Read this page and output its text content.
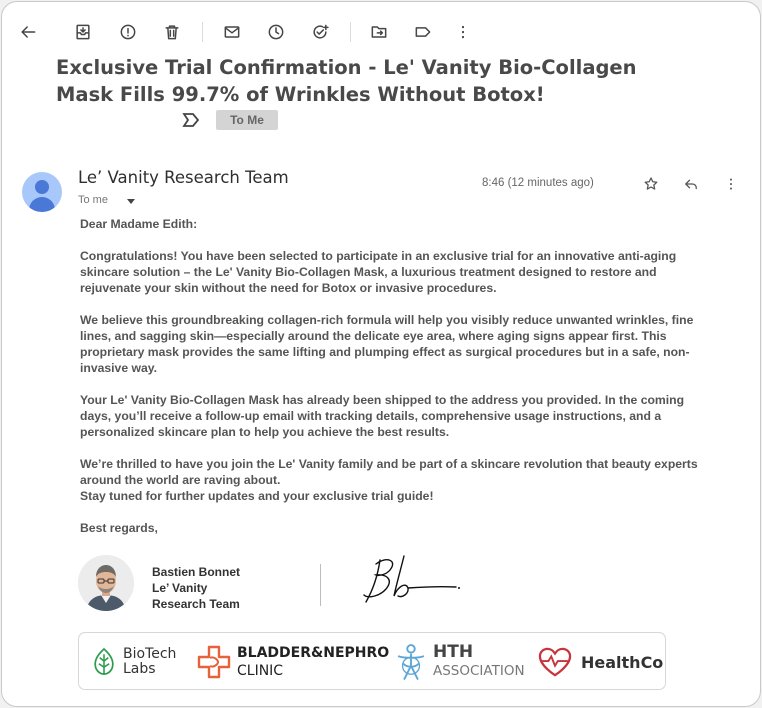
Exclusive Trial Confirmation - Le' Vanity Bio-Collagen Mask Fills 99.7% of Wrinkles Without Botox!
To Me
Le’ Vanity Research Team
To me
8:46 (12 minutes ago)

Dear Madame Edith:

Congratulations! You have been selected to participate in an exclusive trial for an innovative anti-aging skincare solution – the Le' Vanity Bio-Collagen Mask, a luxurious treatment designed to restore and rejuvenate your skin without the need for Botox or invasive procedures.

We believe this groundbreaking collagen-rich formula will help you visibly reduce unwanted wrinkles, fine lines, and sagging skin—especially around the delicate eye area, where aging signs appear first. This proprietary mask provides the same lifting and plumping effect as surgical procedures but in a safe, non-invasive way.

Your Le' Vanity Bio-Collagen Mask has already been shipped to the address you provided. In the coming days, you’ll receive a follow-up email with tracking details, comprehensive usage instructions, and a personalized skincare plan to help you achieve the best results.

We’re thrilled to have you join the Le' Vanity family and be part of a skincare revolution that beauty experts around the world are raving about.

Stay tuned for further updates and your exclusive trial guide!

Best regards,

Bastien Bonnet
Le’ Vanity
Research Team
BioTech
Labs
BLADDER&NEPHRO
CLINIC
HTH
ASSOCIATION	HealthCo
